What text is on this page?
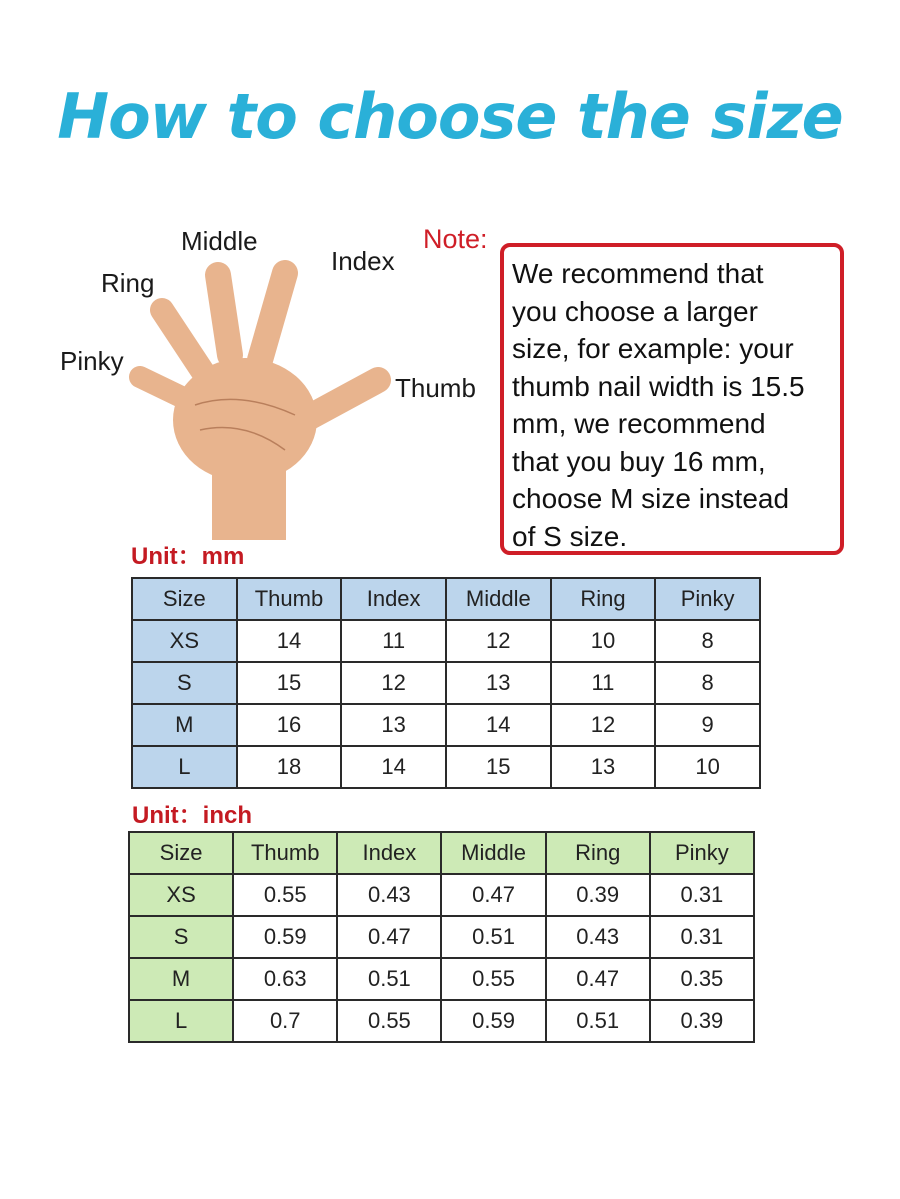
How to choose the size
Middle
Ring
Pinky
Index
Thumb
Note:
We recommend that
you choose a larger
size, for example: your
thumb nail width is 15.5
mm, we recommend
that you buy 16 mm,
choose M size instead
of S size.
Unit：mm
Size	Thumb	Index	Middle	Ring	Pinky
XS	14	11	12	10	8
S	15	12	13	11	8
M	16	13	14	12	9
L	18	14	15	13	10
Unit：inch
Size	Thumb	Index	Middle	Ring	Pinky
XS	0.55	0.43	0.47	0.39	0.31
S	0.59	0.47	0.51	0.43	0.31
M	0.63	0.51	0.55	0.47	0.35
L	0.7	0.55	0.59	0.51	0.39
